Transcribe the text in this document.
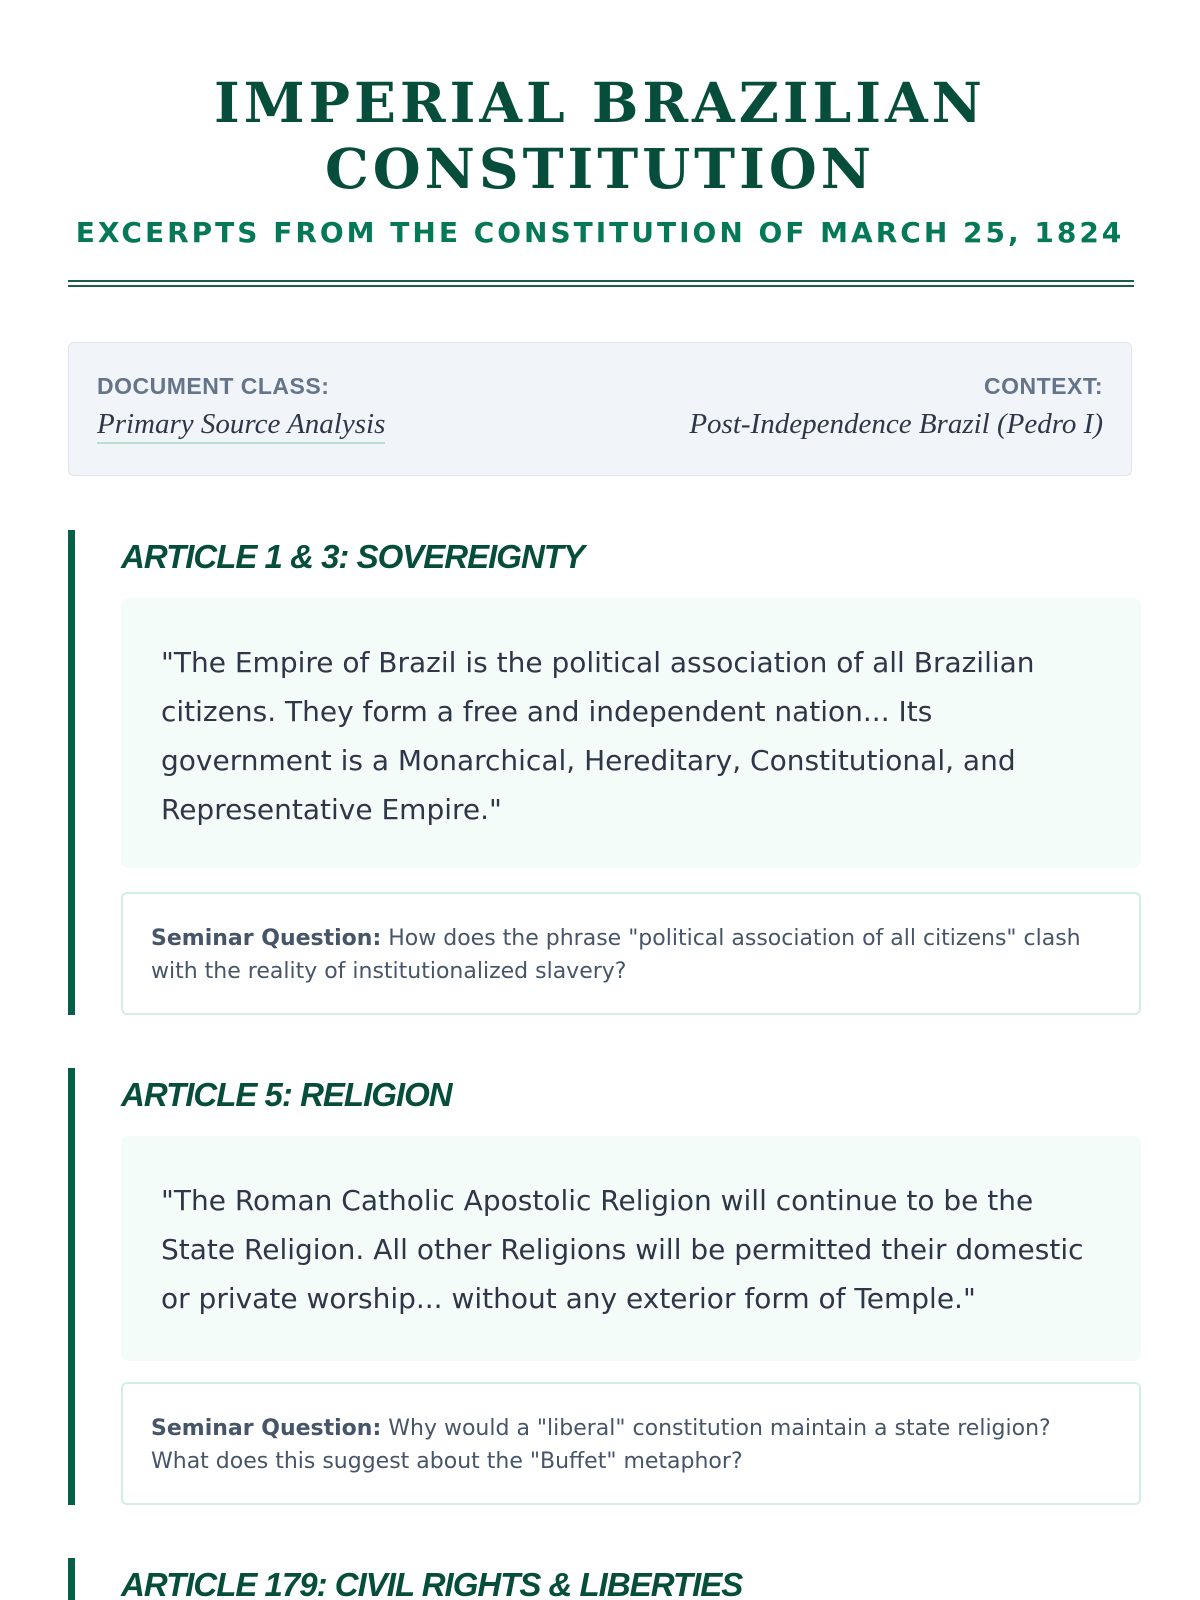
IMPERIAL BRAZILIAN CONSTITUTION
EXCERPTS FROM THE CONSTITUTION OF MARCH 25, 1824
DOCUMENT CLASS:
Primary Source Analysis
CONTEXT:
Post-Independence Brazil (Pedro I)
ARTICLE 1 & 3: SOVEREIGNTY
"The Empire of Brazil is the political association of all Brazilian citizens. They form a free and independent nation... Its government is a Monarchical, Hereditary, Constitutional, and Representative Empire."
Seminar Question: How does the phrase "political association of all citizens" clash with the reality of institutionalized slavery?
ARTICLE 5: RELIGION
"The Roman Catholic Apostolic Religion will continue to be the State Religion. All other Religions will be permitted their domestic or private worship... without any exterior form of Temple."
Seminar Question: Why would a "liberal" constitution maintain a state religion? What does this suggest about the "Buffet" metaphor?
ARTICLE 179: CIVIL RIGHTS & LIBERTIES
